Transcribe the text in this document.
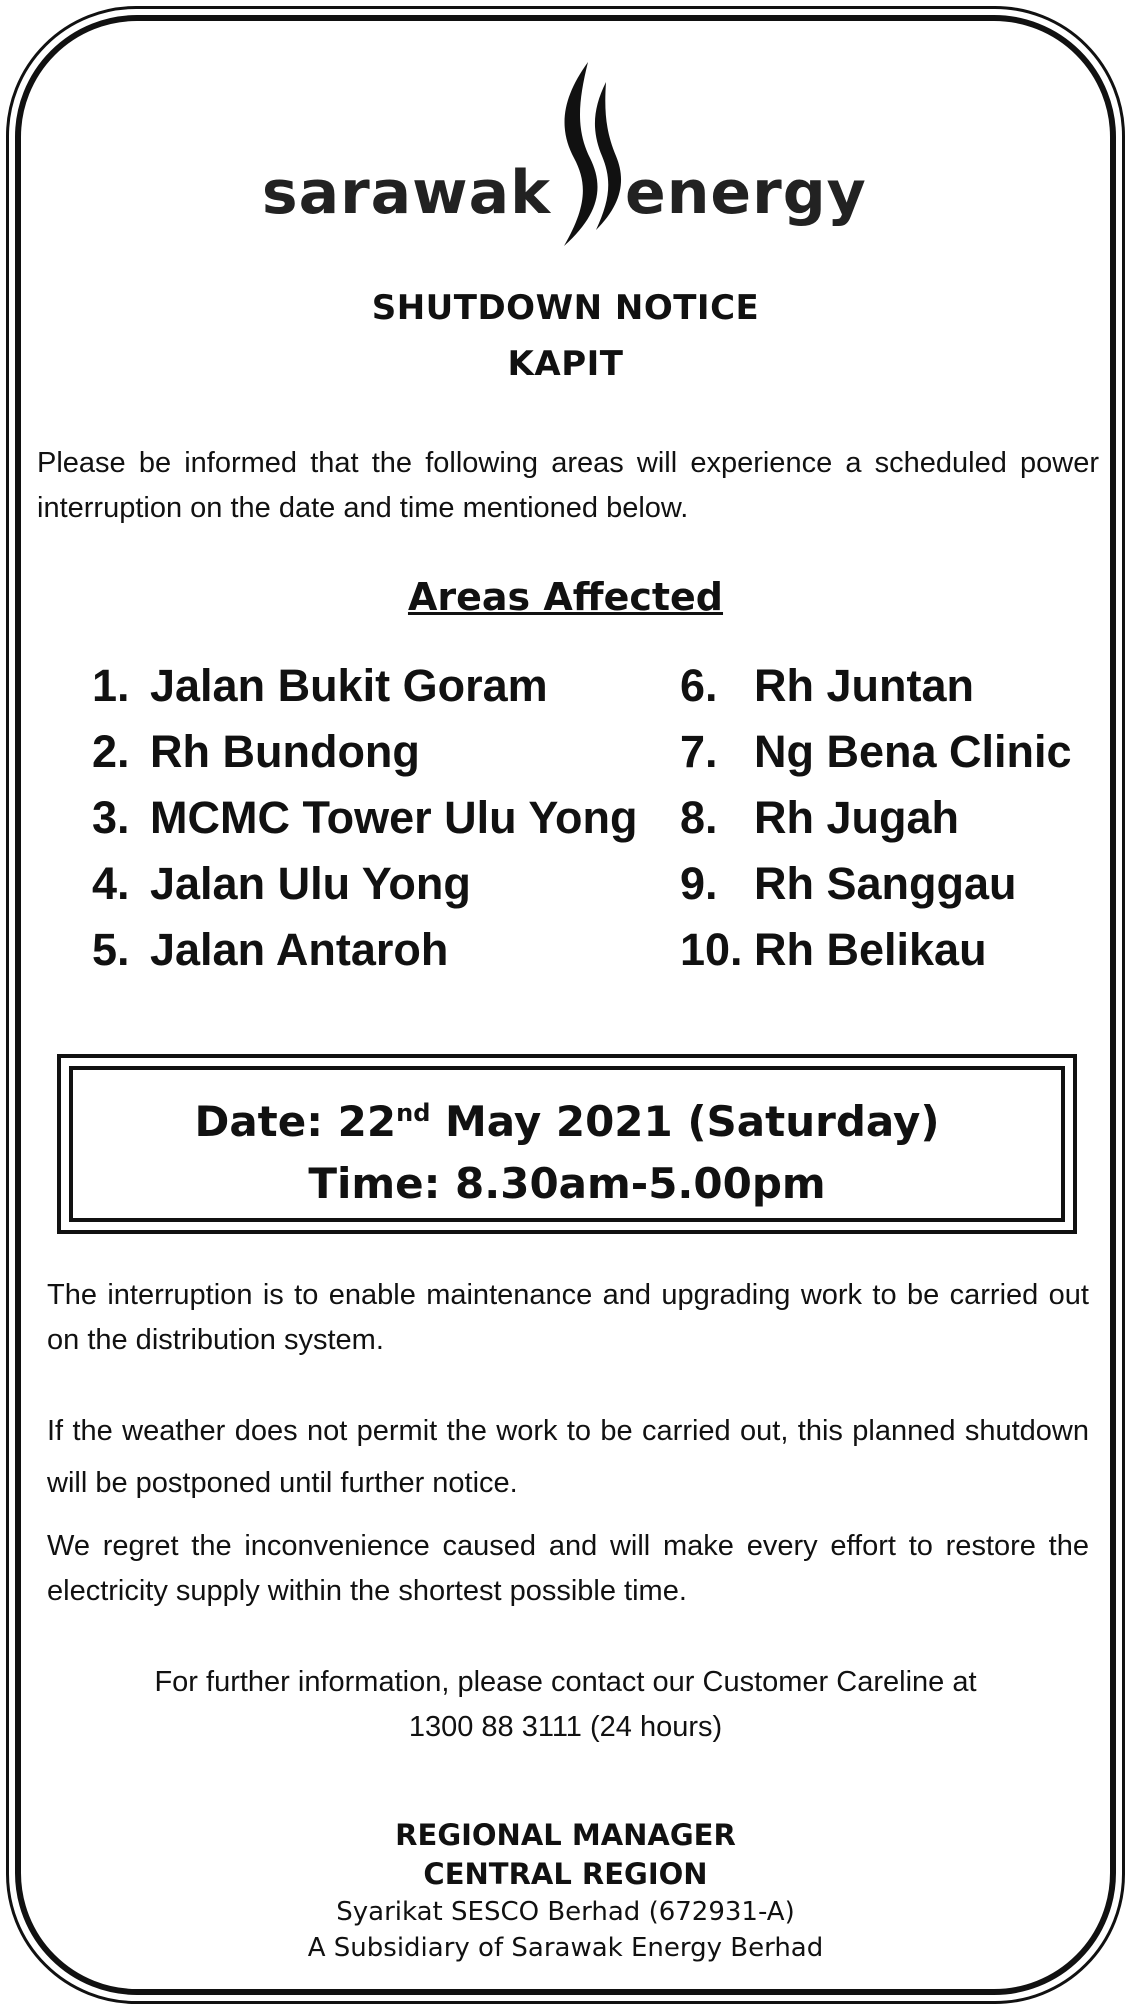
sarawak energy
SHUTDOWN NOTICE
KAPIT
Please be informed that the following areas will experience a scheduled power interruption on the date and time mentioned below.
Areas Affected
1. Jalan Bukit Goram
2. Rh Bundong
3. MCMC Tower Ulu Yong
4. Jalan Ulu Yong
5. Jalan Antaroh
6. Rh Juntan
7. Ng Bena Clinic
8. Rh Jugah
9. Rh Sanggau
10. Rh Belikau
Date: 22nd May 2021 (Saturday)
Time: 8.30am-5.00pm
The interruption is to enable maintenance and upgrading work to be carried out on the distribution system.
If the weather does not permit the work to be carried out, this planned shutdown will be postponed until further notice.
We regret the inconvenience caused and will make every effort to restore the electricity supply within the shortest possible time.
For further information, please contact our Customer Careline at
1300 88 3111 (24 hours)
REGIONAL MANAGER
CENTRAL REGION
Syarikat SESCO Berhad (672931-A)
A Subsidiary of Sarawak Energy Berhad
